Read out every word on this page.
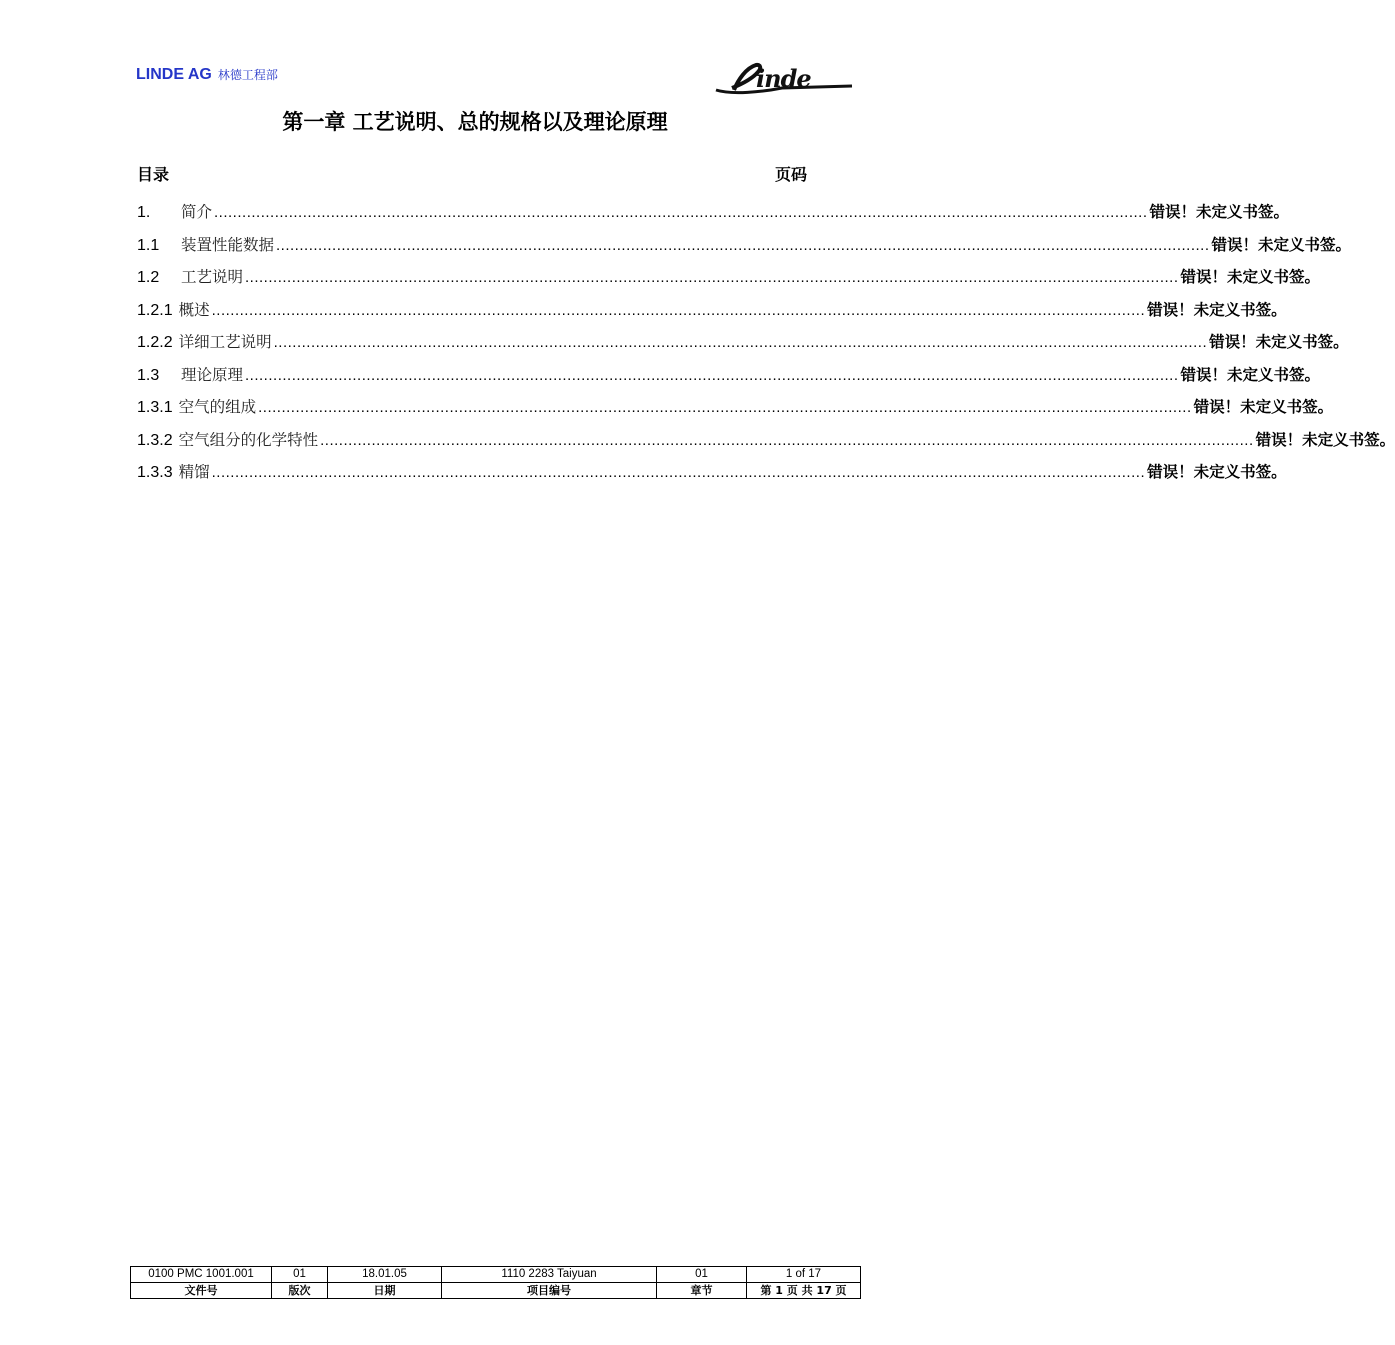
LINDE AG 林德工程部	inde
第一章 工艺说明、总的规格以及理论原理
目录	页码
1.	简介 ........................................................................................................................................................................................................ 错误！未定义书签。
1.1	装置性能数据 ........................................................................................................................................................................................................ 错误！未定义书签。
1.2	工艺说明 ........................................................................................................................................................................................................ 错误！未定义书签。
1.2.1 概述 ........................................................................................................................................................................................................ 错误！未定义书签。
1.2.2 详细工艺说明 ........................................................................................................................................................................................................ 错误！未定义书签。
1.3	理论原理 ........................................................................................................................................................................................................ 错误！未定义书签。
1.3.1 空气的组成 ........................................................................................................................................................................................................ 错误！未定义书签。
1.3.2 空气组分的化学特性 ........................................................................................................................................................................................................ 错误！未定义书签。
1.3.3 精馏 ........................................................................................................................................................................................................ 错误！未定义书签。
0100 PMC 1001.001	01	18.01.05	1110 2283 Taiyuan	01	1 of 17
文件号	版次	日期	项目编号	章节	第 1 页 共 17 页
